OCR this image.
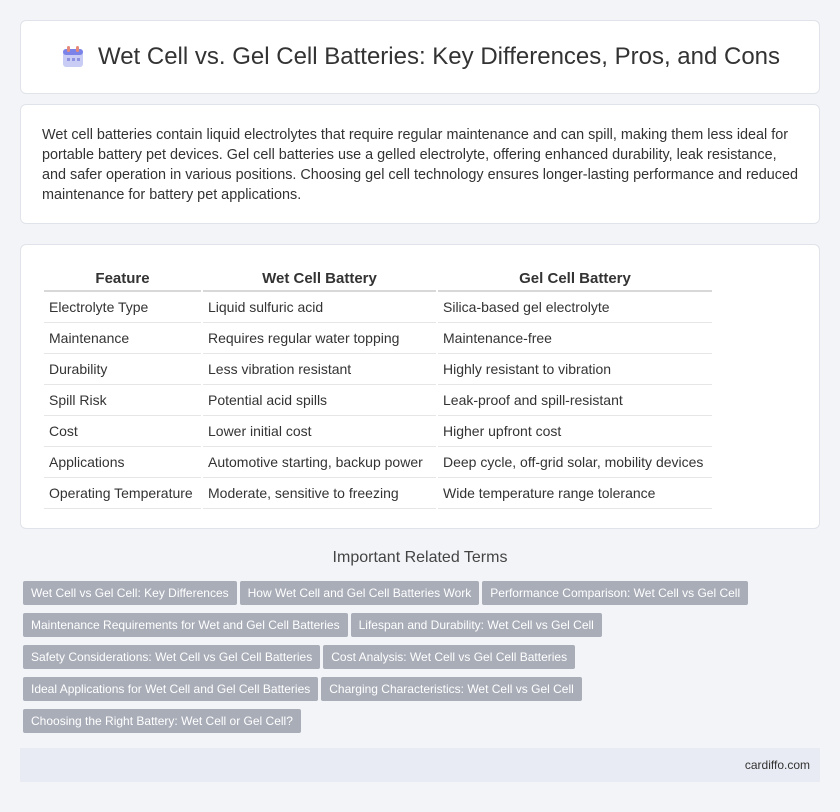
Wet Cell vs. Gel Cell Batteries: Key Differences, Pros, and Cons

Wet cell batteries contain liquid electrolytes that require regular maintenance and can spill, making them less ideal for portable battery pet devices. Gel cell batteries use a gelled electrolyte, offering enhanced durability, leak resistance, and safer operation in various positions. Choosing gel cell technology ensures longer-lasting performance and reduced maintenance for battery pet applications.

Feature	Wet Cell Battery	Gel Cell Battery
Electrolyte Type	Liquid sulfuric acid	Silica-based gel electrolyte
Maintenance	Requires regular water topping	Maintenance-free
Durability	Less vibration resistant	Highly resistant to vibration
Spill Risk	Potential acid spills	Leak-proof and spill-resistant
Cost	Lower initial cost	Higher upfront cost
Applications	Automotive starting, backup power	Deep cycle, off-grid solar, mobility devices
Operating Temperature	Moderate, sensitive to freezing	Wide temperature range tolerance
Important Related Terms
Wet Cell vs Gel Cell: Key Differences How Wet Cell and Gel Cell Batteries Work Performance Comparison: Wet Cell vs Gel Cell
Maintenance Requirements for Wet and Gel Cell Batteries Lifespan and Durability: Wet Cell vs Gel Cell
Safety Considerations: Wet Cell vs Gel Cell Batteries Cost Analysis: Wet Cell vs Gel Cell Batteries
Ideal Applications for Wet Cell and Gel Cell Batteries Charging Characteristics: Wet Cell vs Gel Cell
Choosing the Right Battery: Wet Cell or Gel Cell?
cardiffo.com
